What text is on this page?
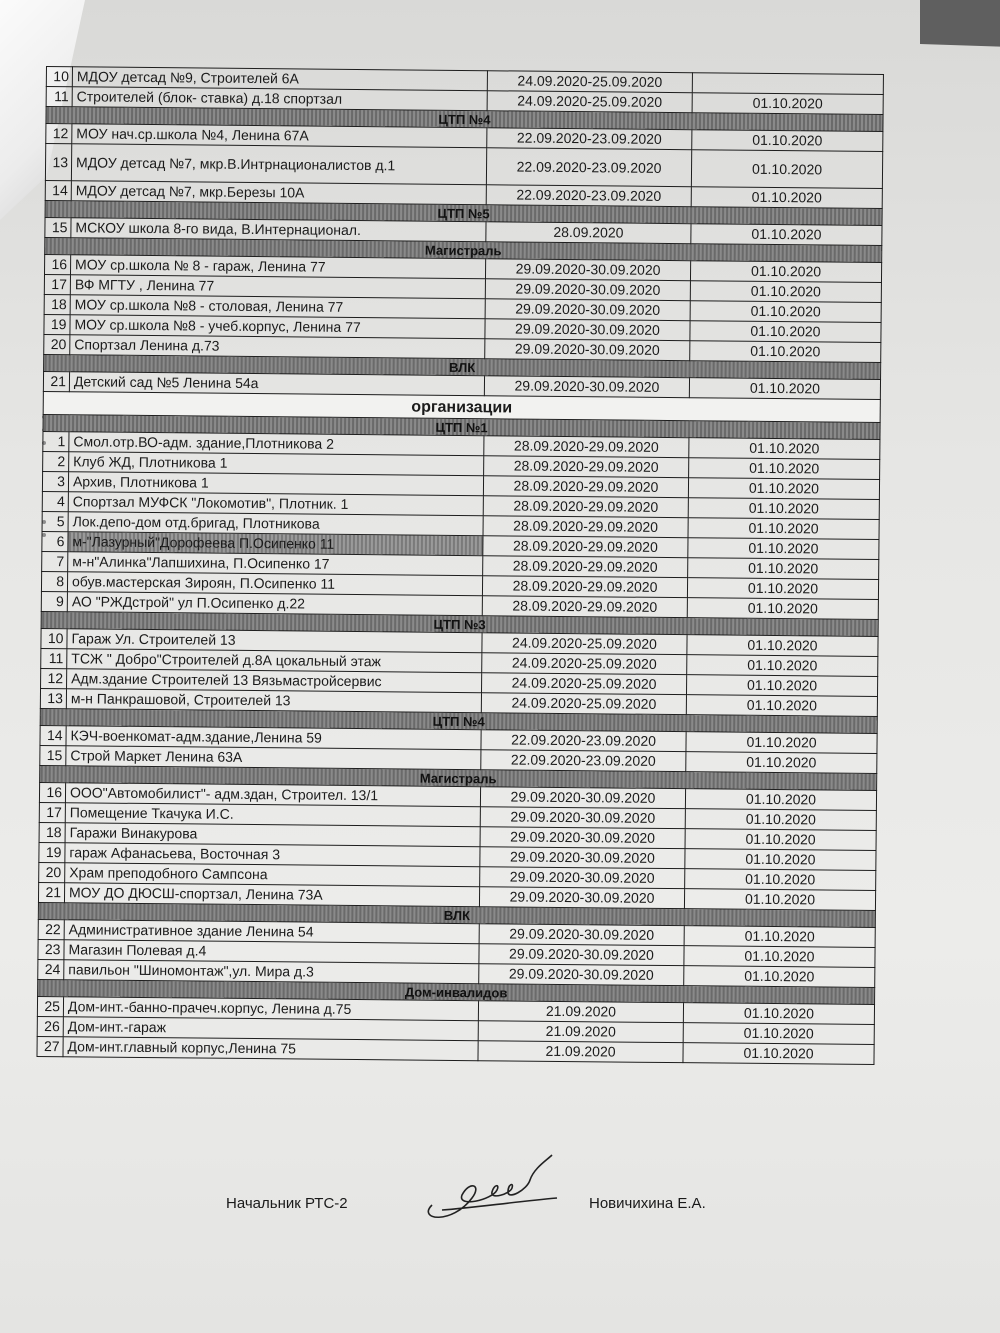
10	МДОУ детсад №9, Строителей 6А	24.09.2020-25.09.2020	
11	Строителей (блок- ставка) д.18 спортзал	24.09.2020-25.09.2020	01.10.2020
ЦТП №4			
12	МОУ нач.ср.школа №4, Ленина 67А	22.09.2020-23.09.2020	01.10.2020
13	МДОУ детсад №7, мкр.В.Интрнационалистов д.1	22.09.2020-23.09.2020	01.10.2020
14	МДОУ детсад №7, мкр.Березы 10А	22.09.2020-23.09.2020	01.10.2020
ЦТП №5			
15	МСКОУ школа 8-го вида, В.Интернационал.	28.09.2020	01.10.2020
Магистраль			
16	МОУ ср.школа № 8 - гараж, Ленина 77	29.09.2020-30.09.2020	01.10.2020
17	ВФ МГТУ , Ленина 77	29.09.2020-30.09.2020	01.10.2020
18	МОУ ср.школа №8 - столовая, Ленина 77	29.09.2020-30.09.2020	01.10.2020
19	МОУ ср.школа №8 - учеб.корпус, Ленина 77	29.09.2020-30.09.2020	01.10.2020
20	Спортзал Ленина д.73	29.09.2020-30.09.2020	01.10.2020
ВЛК			
21	Детский сад №5 Ленина 54а	29.09.2020-30.09.2020	01.10.2020
организации			
ЦТП №1			
1	Смол.отр.ВО-адм. здание,Плотникова 2	28.09.2020-29.09.2020	01.10.2020
2	Клуб ЖД, Плотникова 1	28.09.2020-29.09.2020	01.10.2020
3	Архив, Плотникова 1	28.09.2020-29.09.2020	01.10.2020
4	Спортзал МУФСК "Локомотив", Плотник. 1	28.09.2020-29.09.2020	01.10.2020
5	Лок.депо-дом отд.бригад, Плотникова	28.09.2020-29.09.2020	01.10.2020
6	м-"Лазурный"Дорофеева П.Осипенко 11	28.09.2020-29.09.2020	01.10.2020
7	м-н"Алинка"Лапшихина, П.Осипенко 17	28.09.2020-29.09.2020	01.10.2020
8	обув.мастерская Зироян, П.Осипенко 11	28.09.2020-29.09.2020	01.10.2020
9	АО "РЖДстрой" ул П.Осипенко д.22	28.09.2020-29.09.2020	01.10.2020
ЦТП №3			
10	Гараж Ул. Строителей 13	24.09.2020-25.09.2020	01.10.2020
11	ТСЖ " Добро"Строителей д.8А цокальный этаж	24.09.2020-25.09.2020	01.10.2020
12	Адм.здание Строителей 13 Вязьмастройсервис	24.09.2020-25.09.2020	01.10.2020
13	м-н Панкрашовой, Строителей 13	24.09.2020-25.09.2020	01.10.2020
ЦТП №4			
14	КЭЧ-военкомат-адм.здание,Ленина 59	22.09.2020-23.09.2020	01.10.2020
15	Строй Маркет Ленина 63А	22.09.2020-23.09.2020	01.10.2020
Магистраль			
16	ООО"Автомобилист"- адм.здан, Строител. 13/1	29.09.2020-30.09.2020	01.10.2020
17	Помещение Ткачука И.С.	29.09.2020-30.09.2020	01.10.2020
18	Гаражи Винакурова	29.09.2020-30.09.2020	01.10.2020
19	гараж Афанасьева, Восточная 3	29.09.2020-30.09.2020	01.10.2020
20	Храм преподобного Сампсона	29.09.2020-30.09.2020	01.10.2020
21	МОУ ДО ДЮСШ-спортзал, Ленина 73А	29.09.2020-30.09.2020	01.10.2020
ВЛК			
22	Административное здание Ленина 54	29.09.2020-30.09.2020	01.10.2020
23	Магазин Полевая д.4	29.09.2020-30.09.2020	01.10.2020
24	павильон "Шиномонтаж",ул. Мира д.3	29.09.2020-30.09.2020	01.10.2020
Дом-инвалидов			
25	Дом-инт.-банно-прачеч.корпус, Ленина д.75	21.09.2020	01.10.2020
26	Дом-инт.-гараж	21.09.2020	01.10.2020
27	Дом-инт.главный корпус,Ленина 75	21.09.2020	01.10.2020
Начальник РТС-2	Новичихина Е.А.
